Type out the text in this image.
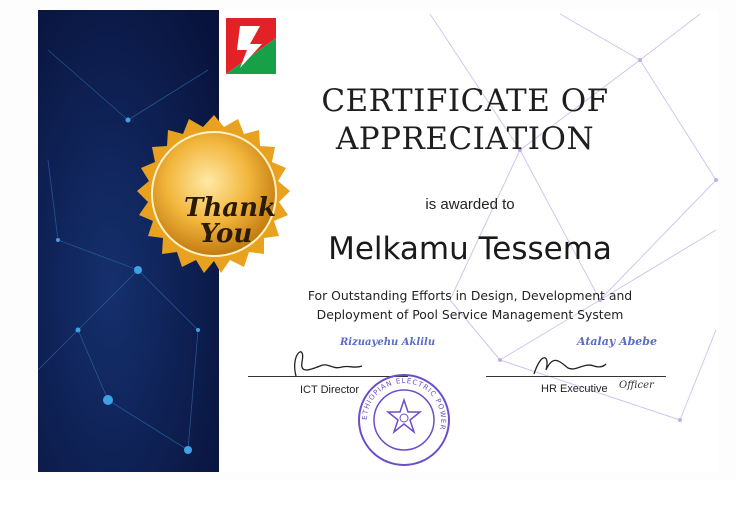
Thank
You
CERTIFICATE OF
APPRECIATION
is awarded to
Melkamu Tessema
For Outstanding Efforts in Design, Development and
Deployment of Pool Service Management System
Rizuayehu Aklilu
ICT Director
Atalay Abebe
HR Executive Officer
ETHIOPIAN ELECTRIC POWER
